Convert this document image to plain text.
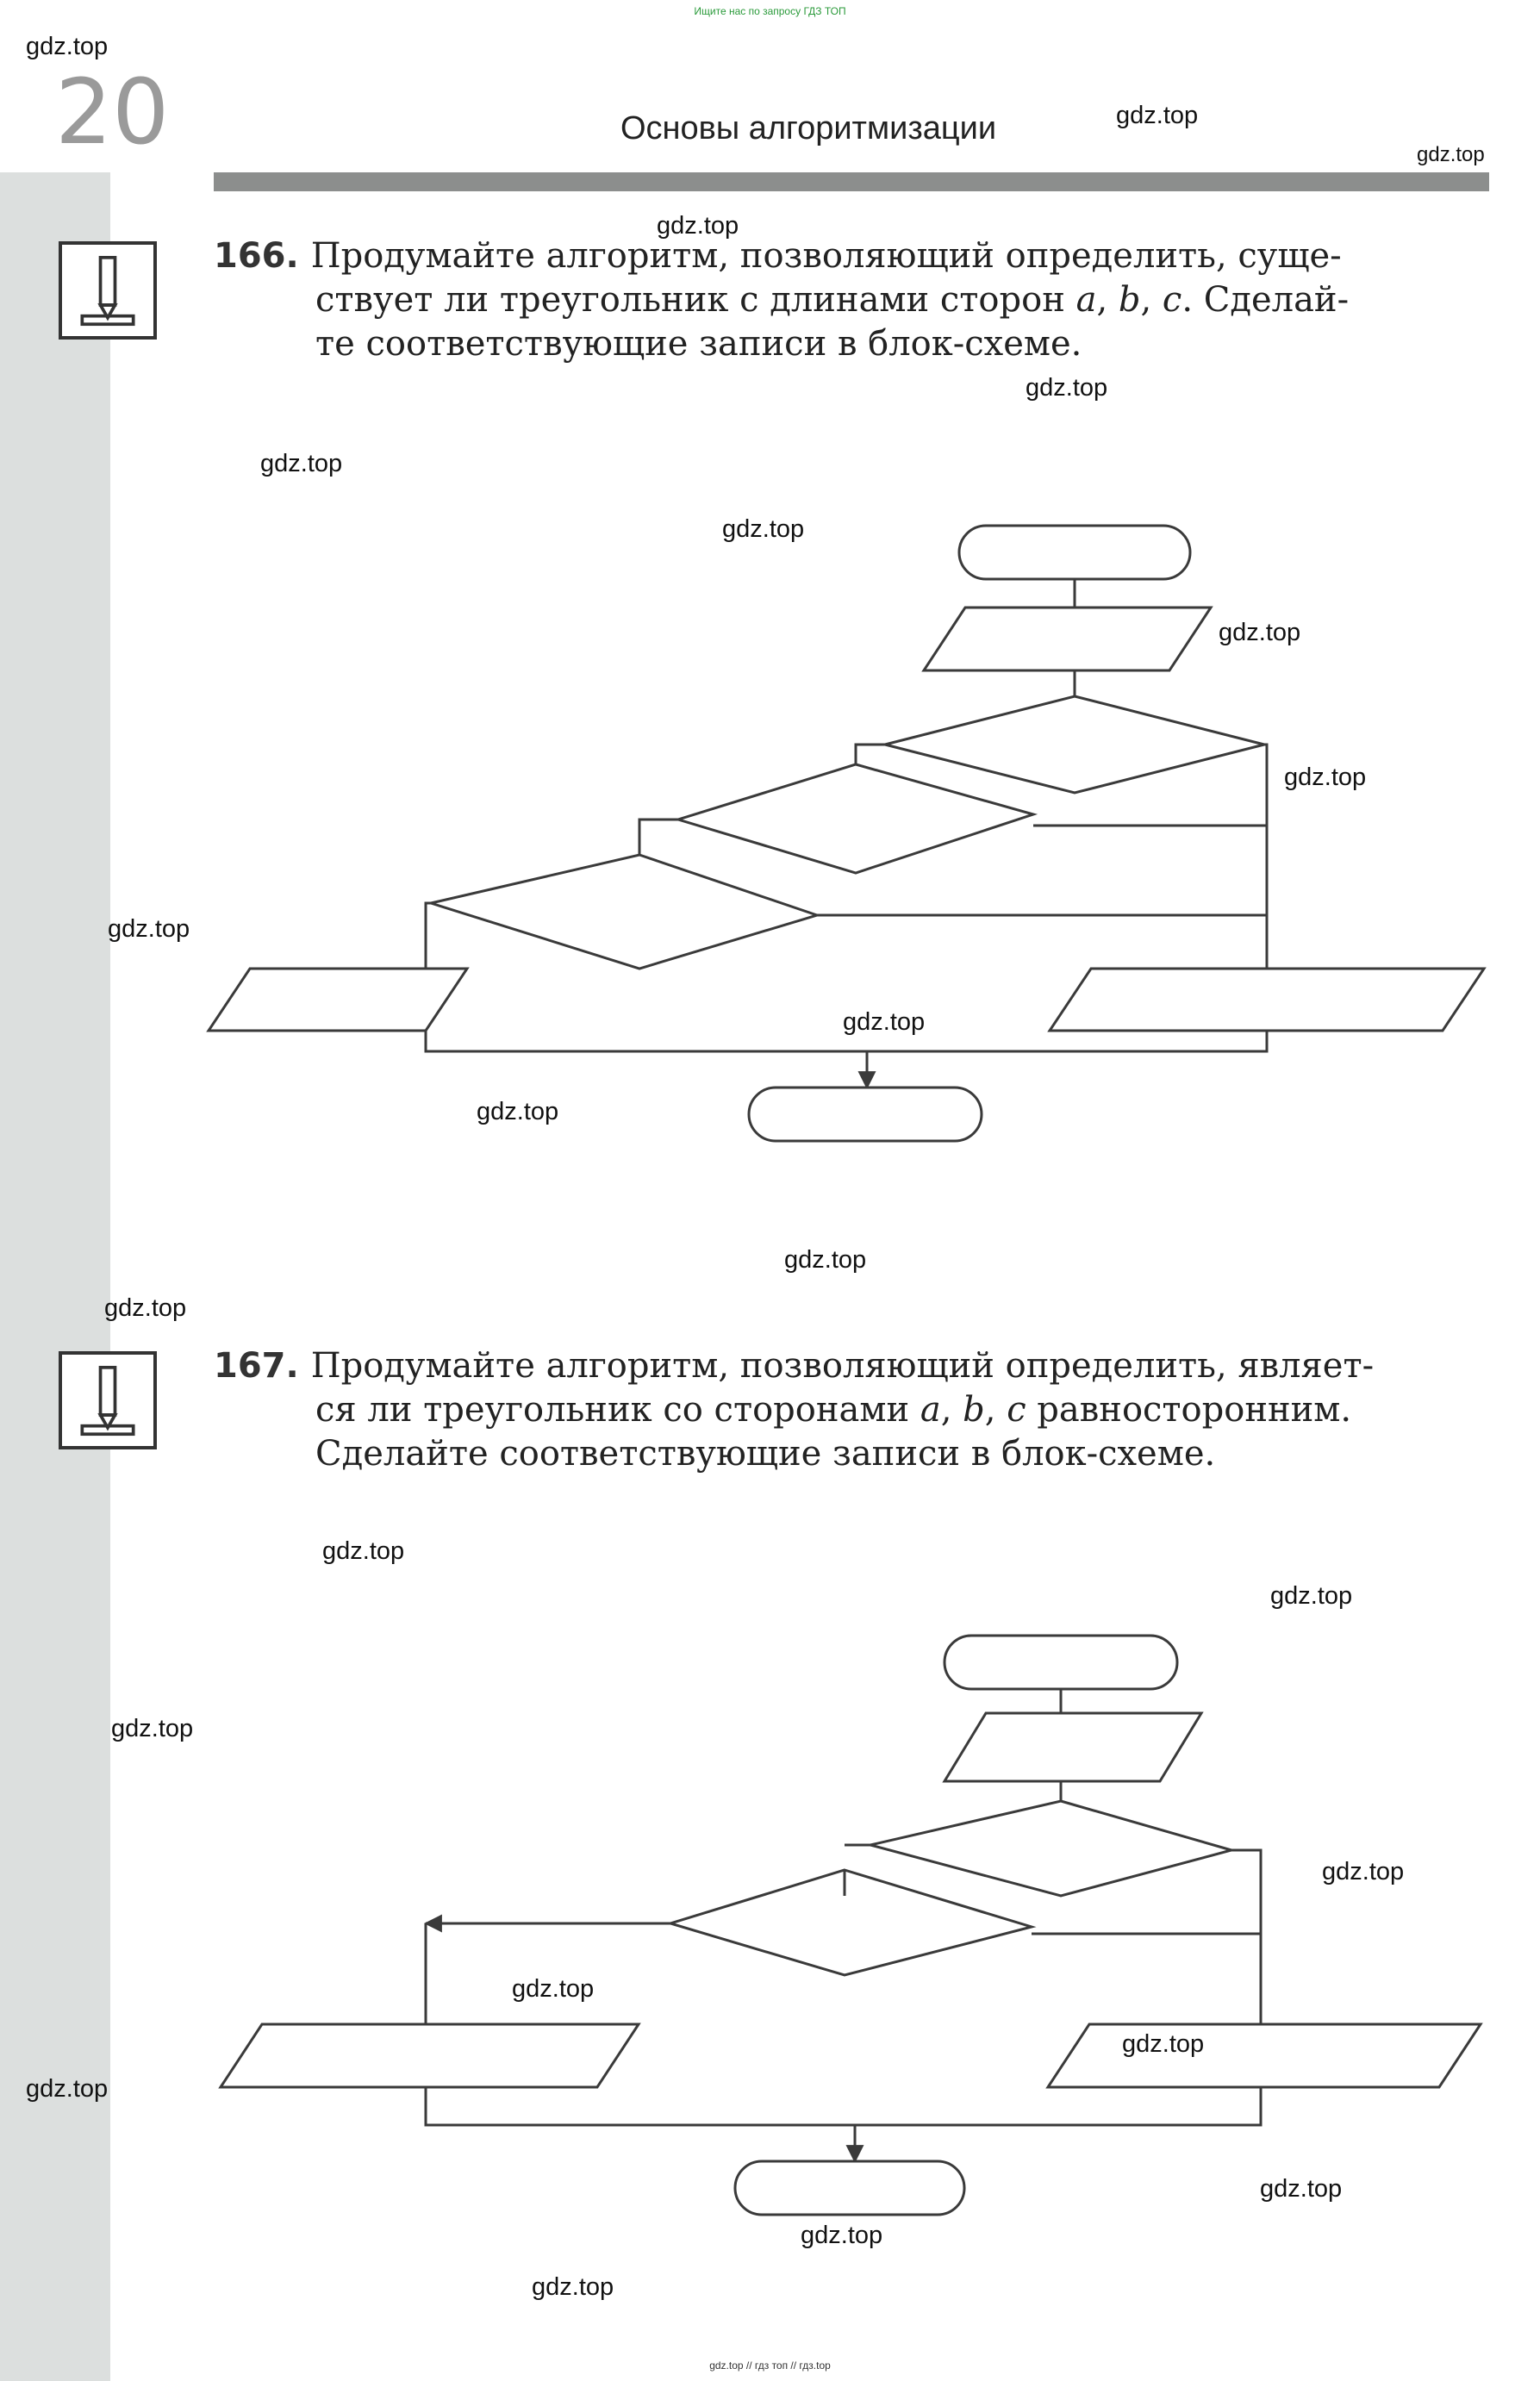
Ищите нас по запросу ГДЗ ТОП
20	Основы алгоритмизации
166. Продумайте алгоритм, позволяющий определить, суще-
ствует ли треугольник с длинами сторон a, b, c. Сделай-
те соответствующие записи в блок-схеме.
167. Продумайте алгоритм, позволяющий определить, являет-
ся ли треугольник со сторонами a, b, c равносторонним.
Сделайте соответствующие записи в блок-схеме.
gdz.top
gdz.top
gdz.top
gdz.top
gdz.top
gdz.top
gdz.top
gdz.top
gdz.top
gdz.top
gdz.top
gdz.top
gdz.top
gdz.top
gdz.top
gdz.top
gdz.top
gdz.top
gdz.top
gdz.top
gdz.top
gdz.top
gdz.top
gdz.top
gdz.top // гдз топ // гдз.top
